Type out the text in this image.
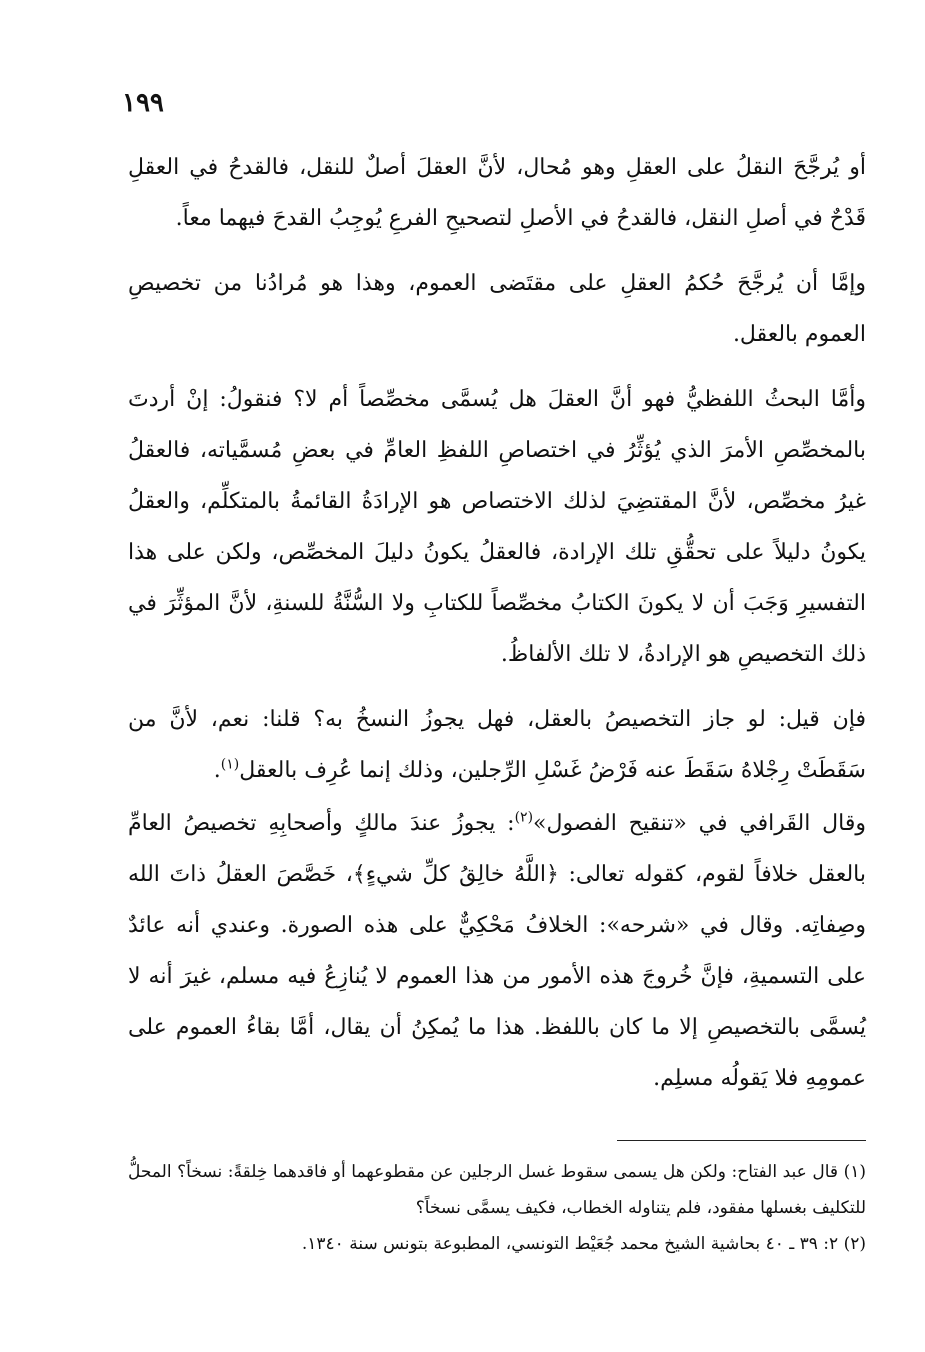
١٩٩

أو يُرجَّحَ النقلُ على العقلِ وهو مُحال، لأنَّ العقلَ أصلٌ للنقل، فالقدحُ في العقلِ قَدْحٌ في أصلِ النقل، فالقدحُ في الأصلِ لتصحيحِ الفرعِ يُوجِبُ القدحَ فيهما معاً.

وإمَّا أن يُرجَّحَ حُكمُ العقلِ على مقتَضى العموم، وهذا هو مُرادُنا من تخصيصِ العموم بالعقل.

وأمَّا البحثُ اللفظيُّ فهو أنَّ العقلَ هل يُسمَّى مخصِّصاً أم لا؟ فنقولُ: إنْ أردتَ بالمخصِّصِ الأمرَ الذي يُؤثِّرُ في اختصاصِ اللفظِ العامِّ في بعضِ مُسمَّياته، فالعقلُ غيرُ مخصِّص، لأنَّ المقتضِيَ لذلك الاختصاص هو الإرادَةُ القائمةُ بالمتكلِّم، والعقلُ يكونُ دليلاً على تحقُّقِ تلك الإرادة، فالعقلُ يكونُ دليلَ المخصِّص، ولكن على هذا التفسيرِ وَجَبَ أن لا يكونَ الكتابُ مخصِّصاً للكتابِ ولا السُّنَّةُ للسنةِ، لأنَّ المؤثِّرَ في ذلك التخصيصِ هو الإرادةُ، لا تلك الألفاظُ.

فإن قيل: لو جاز التخصيصُ بالعقل، فهل يجوزُ النسخُ به؟ قلنا: نعم، لأنَّ من سَقَطَتْ رِجْلاهُ سَقَطَ عنه فَرْضُ غَسْلِ الرِّجلين، وذلك إنما عُرِف بالعقل$^{(١)}$.

وقال القَرافي في «تنقيح الفصول»$^{(٢)}$: يجوزُ عندَ مالكٍ وأصحابِهِ تخصيصُ العامِّ بالعقل خلافاً لقوم، كقوله تعالى: ﴿اللَّهُ خالِقُ كلِّ شيءٍ﴾، خَصَّصَ العقلُ ذاتَ الله وصِفاتِه. وقال في «شرحه»: الخلافُ مَحْكِيٌّ على هذه الصورة. وعندي أنه عائدٌ على التسميةِ، فإنَّ خُروجَ هذه الأمور من هذا العموم لا يُنازِعُ فيه مسلم، غيرَ أنه لا يُسمَّى بالتخصيصِ إلا ما كان باللفظ. هذا ما يُمكِنُ أن يقال، أمَّا بقاءُ العموم على عمومِهِ فلا يَقولُه مسلِم.

(١) قال عبد الفتاح: ولكن هل يسمى سقوط غسل الرجلين عن مقطوعهما أو فاقدهما خِلقةً: نسخاً؟ المحلُّ للتكليف بغسلها مفقود، فلم يتناوله الخطاب، فكيف يسمَّى نسخاً؟

(٢) ٢: ٣٩ ـ ٤٠ بحاشية الشيخ محمد جُعَيْط التونسي، المطبوعة بتونس سنة ١٣٤٠.
